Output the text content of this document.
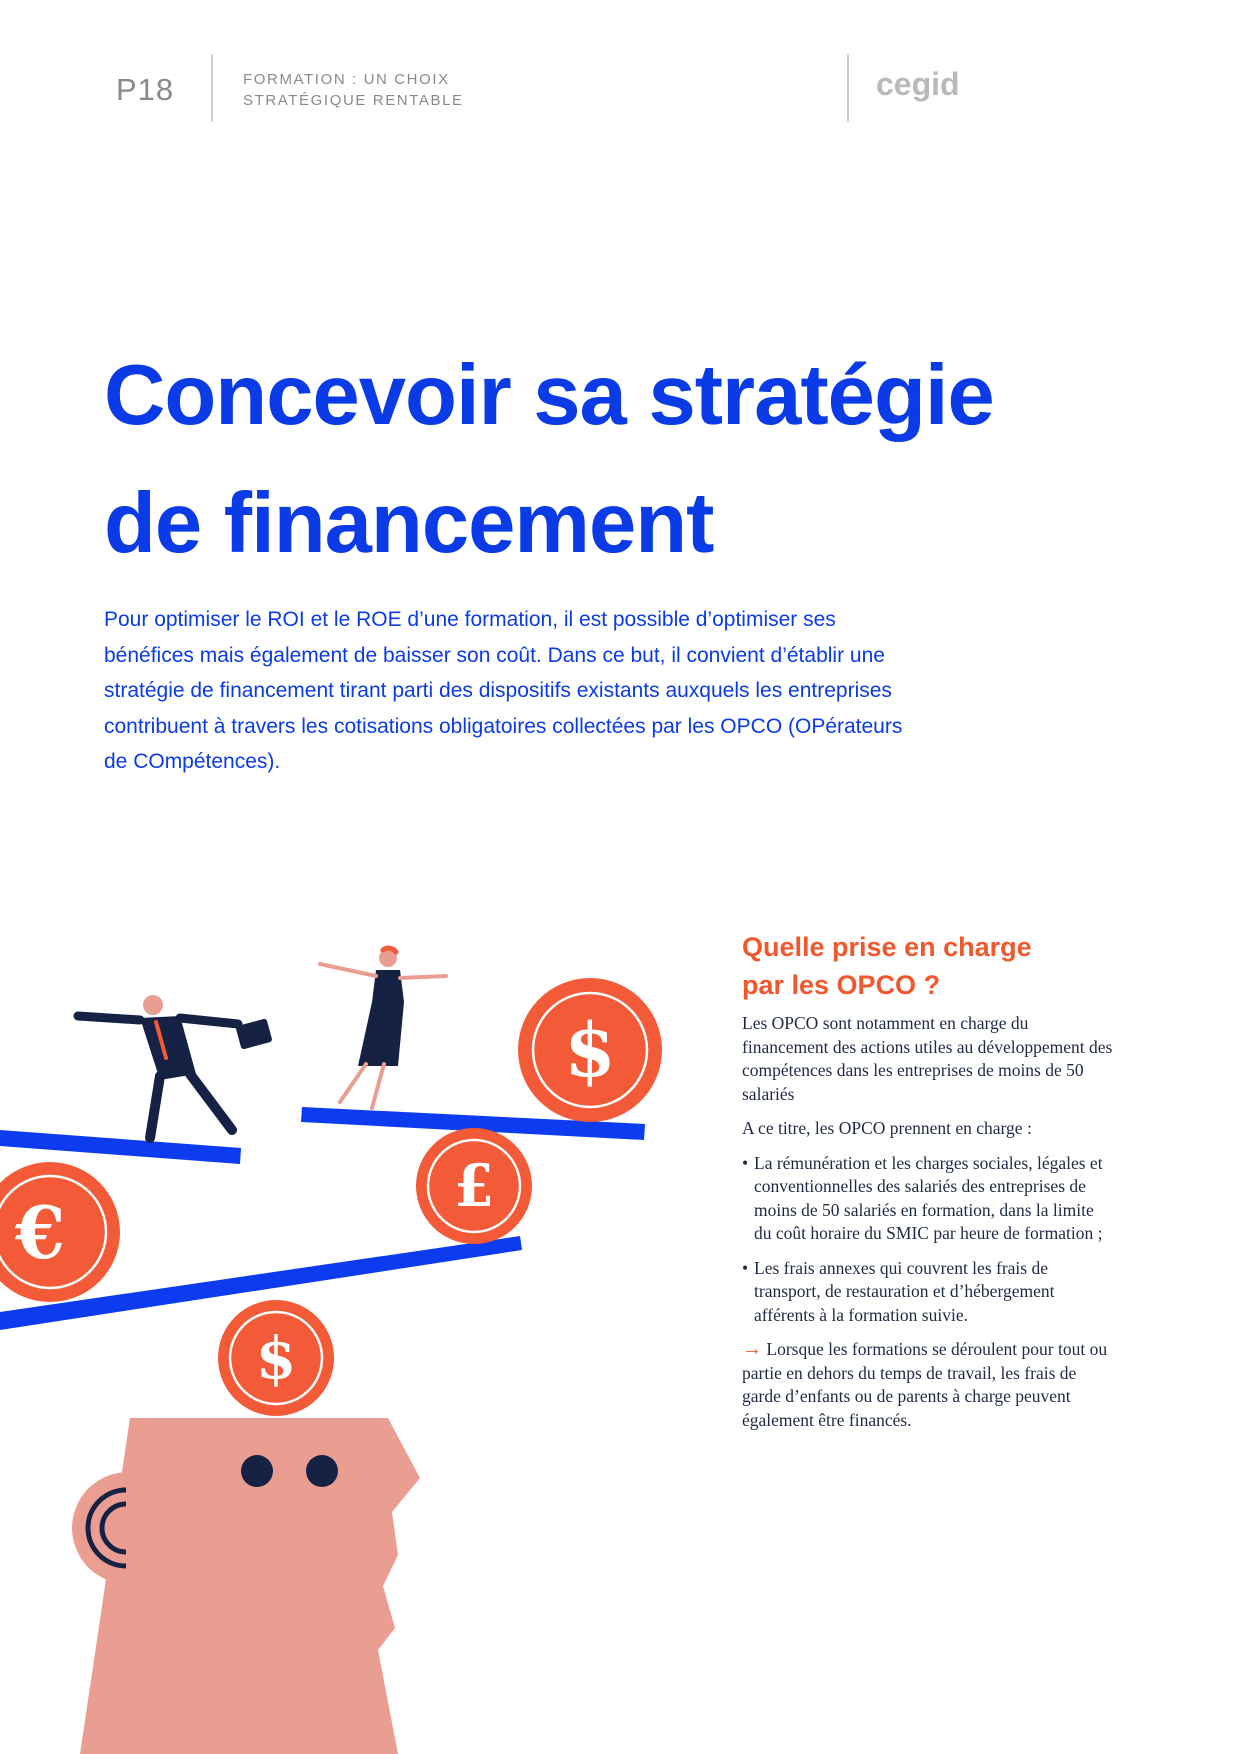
P18	FORMATION : UN CHOIX
STRATÉGIQUE RENTABLE	cegid
Concevoir sa stratégie
de financement

Pour optimiser le ROI et le ROE d’une formation, il est possible d’optimiser ses bénéfices mais également de baisser son coût. Dans ce but, il convient d’établir une stratégie de financement tirant parti des dispositifs existants auxquels les entreprises contribuent à travers les cotisations obligatoires collectées par les OPCO (OPérateurs de COmpétences).

$
€
£
$
Quelle prise en charge
par les OPCO ?

Les OPCO sont notamment en charge du financement des actions utiles au développement des compétences dans les entreprises de moins de 50 salariés

A ce titre, les OPCO prennent en charge :

• La rémunération et les charges sociales, légales et conventionnelles des salariés des entreprises de moins de 50 salariés en formation, dans la limite du coût horaire du SMIC par heure de formation ;
• Les frais annexes qui couvrent les frais de transport, de restauration et d’hébergement afférents à la formation suivie.

→ Lorsque les formations se déroulent pour tout ou partie en dehors du temps de travail, les frais de garde d’enfants ou de parents à charge peuvent également être financés.
